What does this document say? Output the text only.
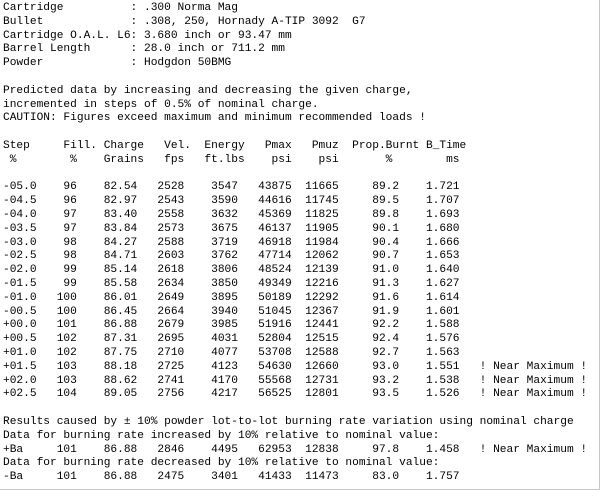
Cartridge          : .300 Norma Mag
Bullet             : .308, 250, Hornady A-TIP 3092  G7
Cartridge O.A.L. L6: 3.680 inch or 93.47 mm
Barrel Length      : 28.0 inch or 711.2 mm
Powder             : Hodgdon 50BMG
Predicted data by increasing and decreasing the given charge,
incremented in steps of 0.5% of nominal charge.
CAUTION: Figures exceed maximum and minimum recommended loads !
Step     Fill. Charge   Vel.  Energy   Pmax   Pmuz  Prop.Burnt B_Time
%        %    Grains   fps   ft.lbs    psi    psi       %        ms
-05.0    96    82.54   2528    3547   43875  11665     89.2    1.721
-04.5    96    82.97   2543    3590   44616  11745     89.5    1.707
-04.0    97    83.40   2558    3632   45369  11825     89.8    1.693
-03.5    97    83.84   2573    3675   46137  11905     90.1    1.680
-03.0    98    84.27   2588    3719   46918  11984     90.4    1.666
-02.5    98    84.71   2603    3762   47714  12062     90.7    1.653
-02.0    99    85.14   2618    3806   48524  12139     91.0    1.640
-01.5    99    85.58   2634    3850   49349  12216     91.3    1.627
-01.0   100    86.01   2649    3895   50189  12292     91.6    1.614
-00.5   100    86.45   2664    3940   51045  12367     91.9    1.601
+00.0   101    86.88   2679    3985   51916  12441     92.2    1.588
+00.5   102    87.31   2695    4031   52804  12515     92.4    1.576
+01.0   102    87.75   2710    4077   53708  12588     92.7    1.563
+01.5   103    88.18   2725    4123   54630  12660     93.0    1.551   ! Near Maximum !
+02.0   103    88.62   2741    4170   55568  12731     93.2    1.538   ! Near Maximum !
+02.5   104    89.05   2756    4217   56525  12801     93.5    1.526   ! Near Maximum !
Results caused by ± 10% powder lot-to-lot burning rate variation using nominal charge
Data for burning rate increased by 10% relative to nominal value:
+Ba     101    86.88   2846    4495   62953  12838     97.8    1.458   ! Near Maximum !
Data for burning rate decreased by 10% relative to nominal value:
-Ba     101    86.88   2475    3401   41433  11473     83.0    1.757
